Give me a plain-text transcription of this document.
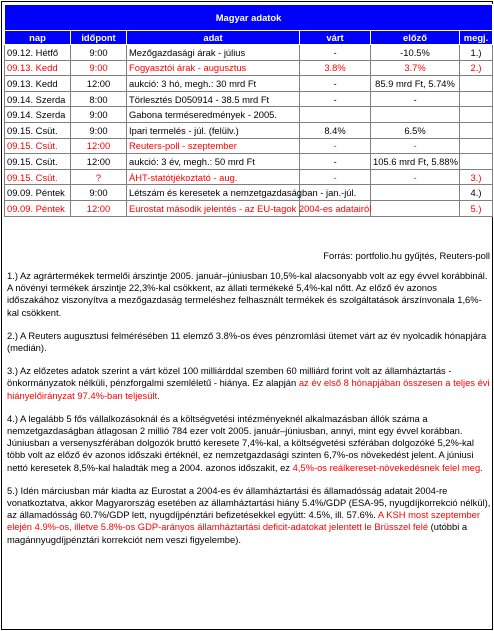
Magyar adatok					
nap	időpont	adat	várt	előző	megj.
09.12. Hétfő	9:00	Mezőgazdasági árak - július	-	-10.5%	1.)
09.13. Kedd	9:00	Fogyasztói árak - augusztus	3.8%	3.7%	2.)
09.13. Kedd	12:00	aukció: 3 hó, megh.: 30 mrd Ft	-	85.9 mrd Ft, 5.74%	
09.14. Szerda	8:00	Törlesztés D050914 - 38.5 mrd Ft	-	-	
09.14. Szerda	9:00	Gabona terméseredmények - 2005.			
09.15. Csüt.	9:00	Ipari termelés - júl. (felülv.)	8.4%	6.5%	
09.15. Csüt.	12:00	Reuters-poll - szeptember	-	-	
09.15. Csüt.	12:00	aukció: 3 év, megh.: 50 mrd Ft	-	105.6 mrd Ft, 5.88%	
09.15. Csüt.	?	ÁHT-statótjékoztató - aug.	-	-	3.)
09.09. Péntek	9:00	Létszám és keresetek a nemzetgazdaságban - jan.-júl.			4.)
09.09. Péntek	12:00	Eurostat második jelentés - az EU-tagok 2004-es adatairól			5.)
Forrás: portfolio.hu gyűjtés, Reuters-poll

1.) Az agrártermékek termelői árszintje 2005. január–júniusban 10,5%-kal alacsonyabb volt az egy évvel korábbinál. A növényi termékek árszintje 22,3%-kal csökkent, az állati termékeké 5,4%-kal nőtt. Az előző év azonos időszakához viszonyítva a mezőgazdaság termeléshez felhasznált termékek és szolgáltatások árszínvonala 1,6%-kal csökkent.

2.) A Reuters augusztusi felmérésében 11 elemző 3.8%-os éves pénzromlási ütemet várt az év nyolcadik hónapjára (medián).

3.) Az előzetes adatok szerint a várt közel 100 milliárddal szemben 60 milliárd forint volt az államháztartás - önkormányzatok nélküli, pénzforgalmi szemléletű - hiánya. Ez alapján az év első 8 hónapjában összesen a teljes évi hiányelőirányzat 97.4%-ban teljesült.

4.) A legalább 5 fős vállalkozásoknál és a költségvetési intézményeknél alkalmazásban állók száma a nemzetgazdaságban átlagosan 2 millió 784 ezer volt 2005. január–júniusban, annyi, mint egy évvel korábban. Júniusban a versenyszférában dolgozók bruttó keresete 7,4%-kal, a költségvetési szférában dolgozóké 5,2%-kal több volt az előző év azonos időszaki értéknél, ez nemzetgazdasági szinten 6,7%-os növekedést jelent. A júniusi nettó keresetek 8,5%-kal haladták meg a 2004. azonos időszakit, ez 4,5%-os reálkereset-növekedésnek felel meg.

5.) Idén márciusban már kiadta az Eurostat a 2004-es év államháztartási és államadósság adatait 2004-re vonatkoztatva, akkor Magyarország esetében az államháztartási hiány 5.4%/GDP (ESA-95, nyugdíjkorrekció nélkül), az államadósság 60.7%/GDP lett, nyugdíjpénztári befizetésekkel együtt: 4.5%, ill. 57.6%. A KSH most szeptember elején 4.9%-os, illetve 5.8%-os GDP-arányos államháztartási deficit-adatokat jelentett le Brüsszel felé (utóbbi a magánnyugdíjpénztári korrekciót nem veszi figyelembe).
